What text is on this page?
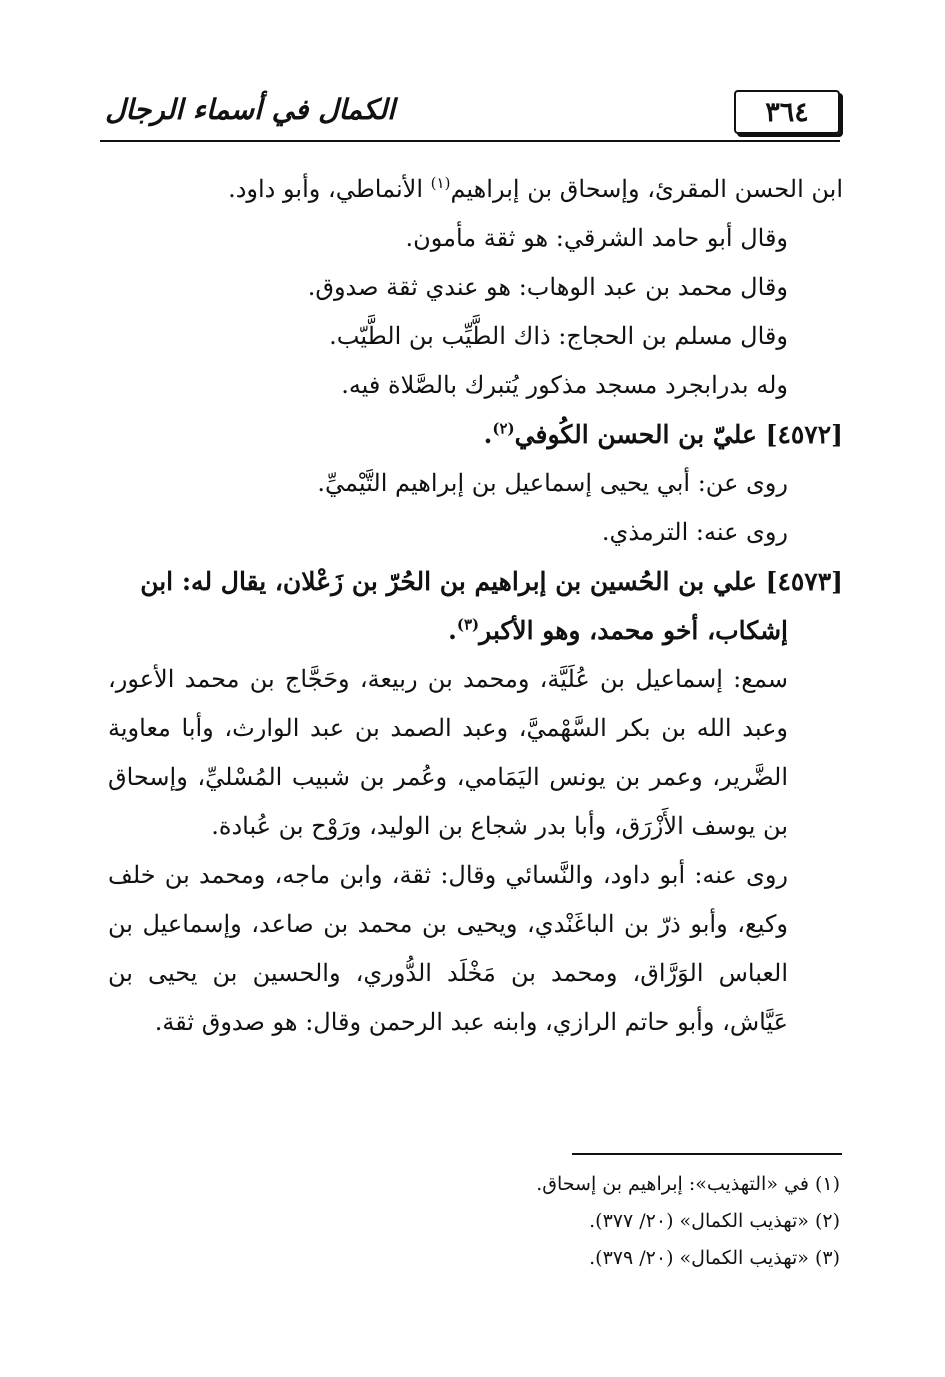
الكمال في أسماء الرجال	٣٦٤

ابن الحسن المقرئ، وإسحاق بن إبراهيم$^{(١)}$ الأنماطي، وأبو داود.

وقال أبو حامد الشرقي: هو ثقة مأمون.

وقال محمد بن عبد الوهاب: هو عندي ثقة صدوق.

وقال مسلم بن الحجاج: ذاك الطَّيِّب بن الطَّيّب.

وله بدرابجرد مسجد مذكور يُتبرك بالصَّلاة فيه.

[٤٥٧٢] عليّ بن الحسن الكُوفي$^{(٢)}$.

روى عن: أبي يحيى إسماعيل بن إبراهيم التَّيْميِّ.

روى عنه: الترمذي.

[٤٥٧٣] علي بن الحُسين بن إبراهيم بن الحُرّ بن زَعْلان، يقال له: ابن

إشكاب، أخو محمد، وهو الأكبر$^{(٣)}$.

سمع: إسماعيل بن عُلَيَّة، ومحمد بن ربيعة، وحَجَّاج بن محمد الأعور، وعبد الله بن بكر السَّهْميَّ، وعبد الصمد بن عبد الوارث، وأبا معاوية الضَّرير، وعمر بن يونس اليَمَامي، وعُمر بن شبيب المُسْليِّ، وإسحاق بن يوسف الأَزْرَق، وأبا بدر شجاع بن الوليد، ورَوْح بن عُبادة.

روى عنه: أبو داود، والنَّسائي وقال: ثقة، وابن ماجه، ومحمد بن خلف وكيع، وأبو ذرّ بن الباغَنْدي، ويحيى بن محمد بن صاعد، وإسماعيل بن العباس الوَرَّاق، ومحمد بن مَخْلَد الدُّوري، والحسين بن يحيى بن عَيَّاش، وأبو حاتم الرازي، وابنه عبد الرحمن وقال: هو صدوق ثقة.

(١) في «التهذيب»: إبراهيم بن إسحاق.
(٢) «تهذيب الكمال» (٢٠/ ٣٧٧).
(٣) «تهذيب الكمال» (٢٠/ ٣٧٩).
